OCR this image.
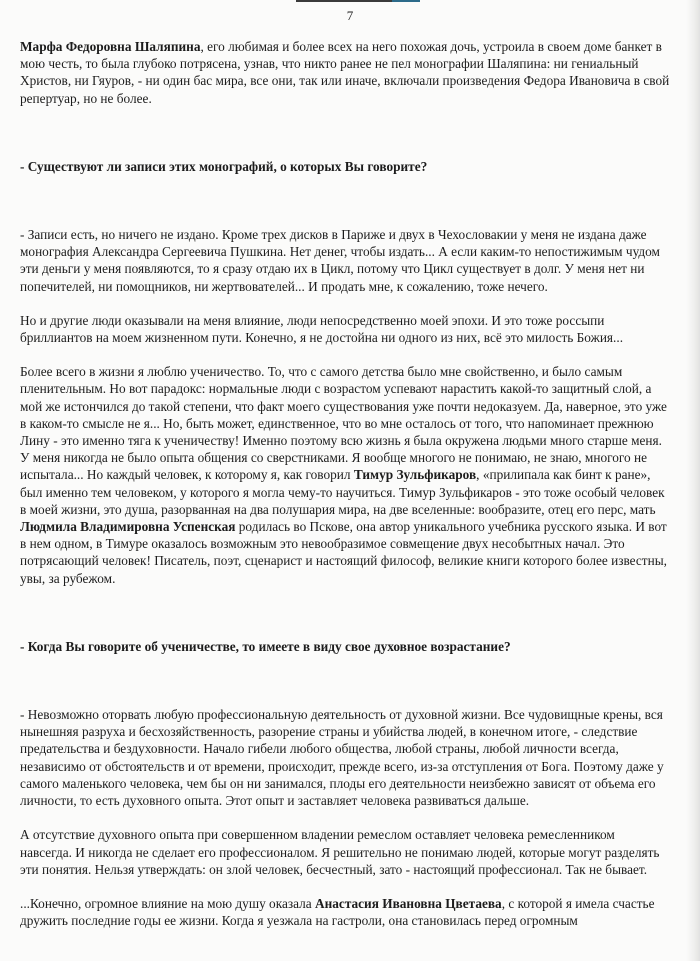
7

Марфа Федоровна Шаляпина, его любимая и более всех на него похожая дочь, устроила в своем доме банкет в мою честь, то была глубоко потрясена, узнав, что никто ранее не пел монографии Шаляпина: ни гениальный Христов, ни Гяуров, - ни один бас мира, все они, так или иначе, включали произведения Федора Ивановича в свой репертуар, но не более.

- Существуют ли записи этих монографий, о которых Вы говорите?

- Записи есть, но ничего не издано. Кроме трех дисков в Париже и двух в Чехословакии у меня не издана даже монография Александра Сергеевича Пушкина. Нет денег, чтобы издать... А если каким-то непостижимым чудом эти деньги у меня появляются, то я сразу отдаю их в Цикл, потому что Цикл существует в долг. У меня нет ни попечителей, ни помощников, ни жертвователей... И продать мне, к сожалению, тоже нечего.

Но и другие люди оказывали на меня влияние, люди непосредственно моей эпохи. И это тоже россыпи бриллиантов на моем жизненном пути. Конечно, я не достойна ни одного из них, всё это милость Божия...

Более всего в жизни я люблю ученичество. То, что с самого детства было мне свойственно, и было самым пленительным. Но вот парадокс: нормальные люди с возрастом успевают нарастить какой-то защитный слой, а мой же истончился до такой степени, что факт моего существования уже почти недоказуем. Да, наверное, это уже в каком-то смысле не я... Но, быть может, единственное, что во мне осталось от того, что напоминает прежнюю Лину - это именно тяга к ученичеству! Именно поэтому всю жизнь я была окружена людьми много старше меня. У меня никогда не было опыта общения со сверстниками. Я вообще многого не понимаю, не знаю, многого не испытала... Но каждый человек, к которому я, как говорил Тимур Зульфикаров, «прилипала как бинт к ране», был именно тем человеком, у которого я могла чему-то научиться. Тимур Зульфикаров - это тоже особый человек в моей жизни, это душа, разорванная на два полушария мира, на две вселенные: вообразите, отец его перс, мать Людмила Владимировна Успенская родилась во Пскове, она автор уникального учебника русского языка. И вот в нем одном, в Тимуре оказалось возможным это невообразимое совмещение двух несобытных начал. Это потрясающий человек! Писатель, поэт, сценарист и настоящий философ, великие книги которого более известны, увы, за рубежом.

- Когда Вы говорите об ученичестве, то имеете в виду свое духовное возрастание?

- Невозможно оторвать любую профессиональную деятельность от духовной жизни. Все чудовищные крены, вся нынешняя разруха и бесхозяйственность, разорение страны и убийства людей, в конечном итоге, - следствие предательства и бездуховности. Начало гибели любого общества, любой страны, любой личности всегда, независимо от обстоятельств и от времени, происходит, прежде всего, из-за отступления от Бога. Поэтому даже у самого маленького человека, чем бы он ни занимался, плоды его деятельности неизбежно зависят от объема его личности, то есть духовного опыта. Этот опыт и заставляет человека развиваться дальше.

А отсутствие духовного опыта при совершенном владении ремеслом оставляет человека ремесленником навсегда. И никогда не сделает его профессионалом. Я решительно не понимаю людей, которые могут разделять эти понятия. Нельзя утверждать: он злой человек, бесчестный, зато - настоящий профессионал. Так не бывает.

...Конечно, огромное влияние на мою душу оказала Анастасия Ивановна Цветаева, с которой я имела счастье дружить последние годы ее жизни. Когда я уезжала на гастроли, она становилась перед огромным
